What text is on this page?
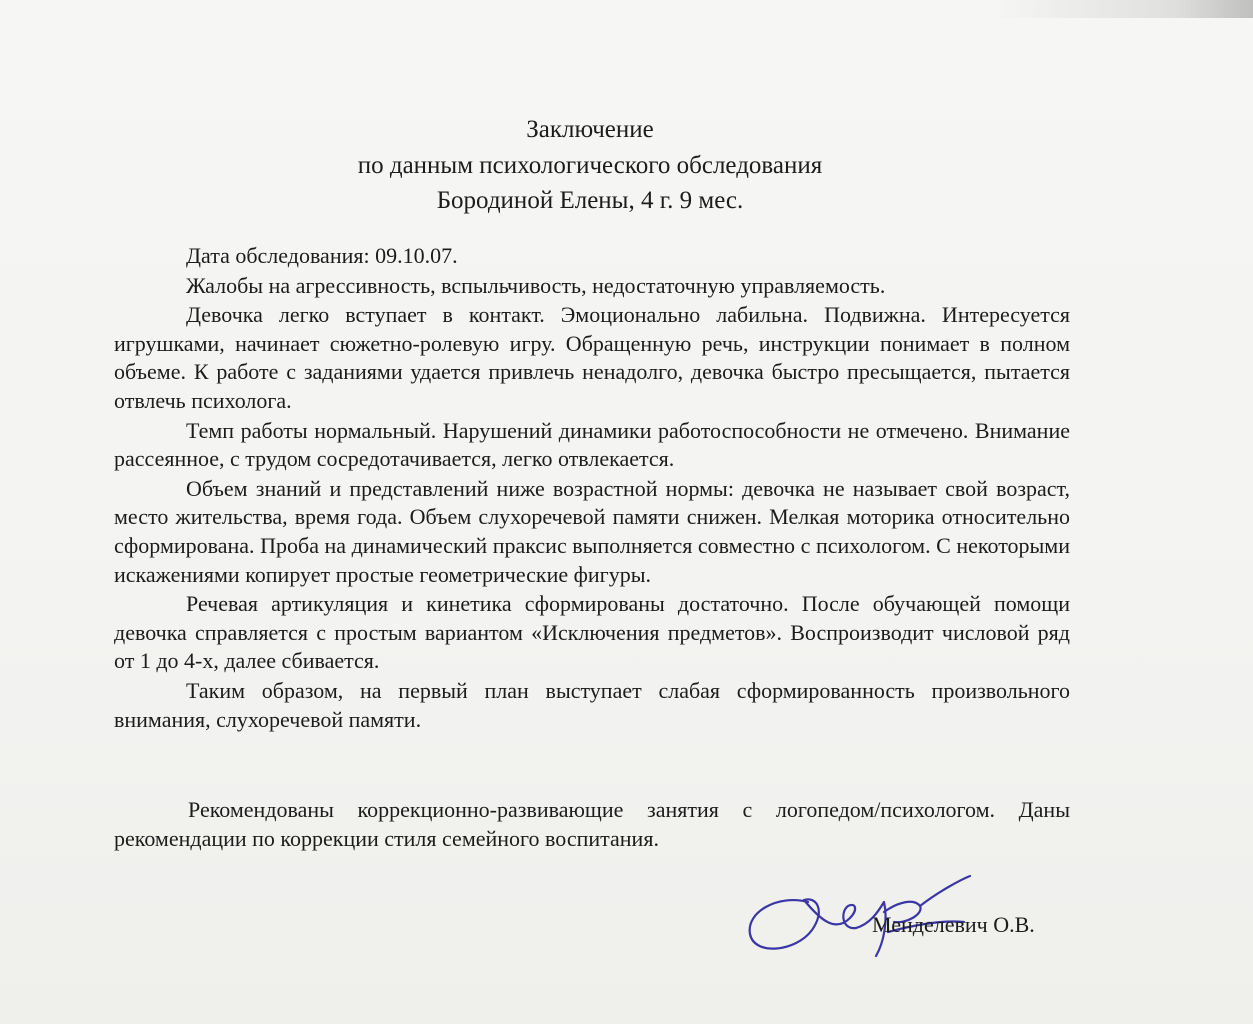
Заключение
по данным психологического обследования
Бородиной Елены, 4 г. 9 мес.
Дата обследования: 09.10.07.
Жалобы на агрессивность, вспыльчивость, недостаточную управляемость.
Девочка легко вступает в контакт. Эмоционально лабильна. Подвижна. Интересуется игрушками, начинает сюжетно-ролевую игру. Обращенную речь, инструкции понимает в полном объеме. К работе с заданиями удается привлечь ненадолго, девочка быстро пресыщается, пытается отвлечь психолога.
Темп работы нормальный. Нарушений динамики работоспособности не отмечено. Внимание рассеянное, с трудом сосредотачивается, легко отвлекается.
Объем знаний и представлений ниже возрастной нормы: девочка не называет свой возраст, место жительства, время года. Объем слухоречевой памяти снижен. Мелкая моторика относительно сформирована. Проба на динамический праксис выполняется совместно с психологом. С некоторыми искажениями копирует простые геометрические фигуры.
Речевая артикуляция и кинетика сформированы достаточно. После обучающей помощи девочка справляется с простым вариантом «Исключения предметов». Воспроизводит числовой ряд от 1 до 4-х, далее сбивается.
Таким образом, на первый план выступает слабая сформированность произвольного внимания, слухоречевой памяти.
Рекомендованы коррекционно-развивающие занятия с логопедом/психологом. Даны рекомендации по коррекции стиля семейного воспитания.
Менделевич О.В.
